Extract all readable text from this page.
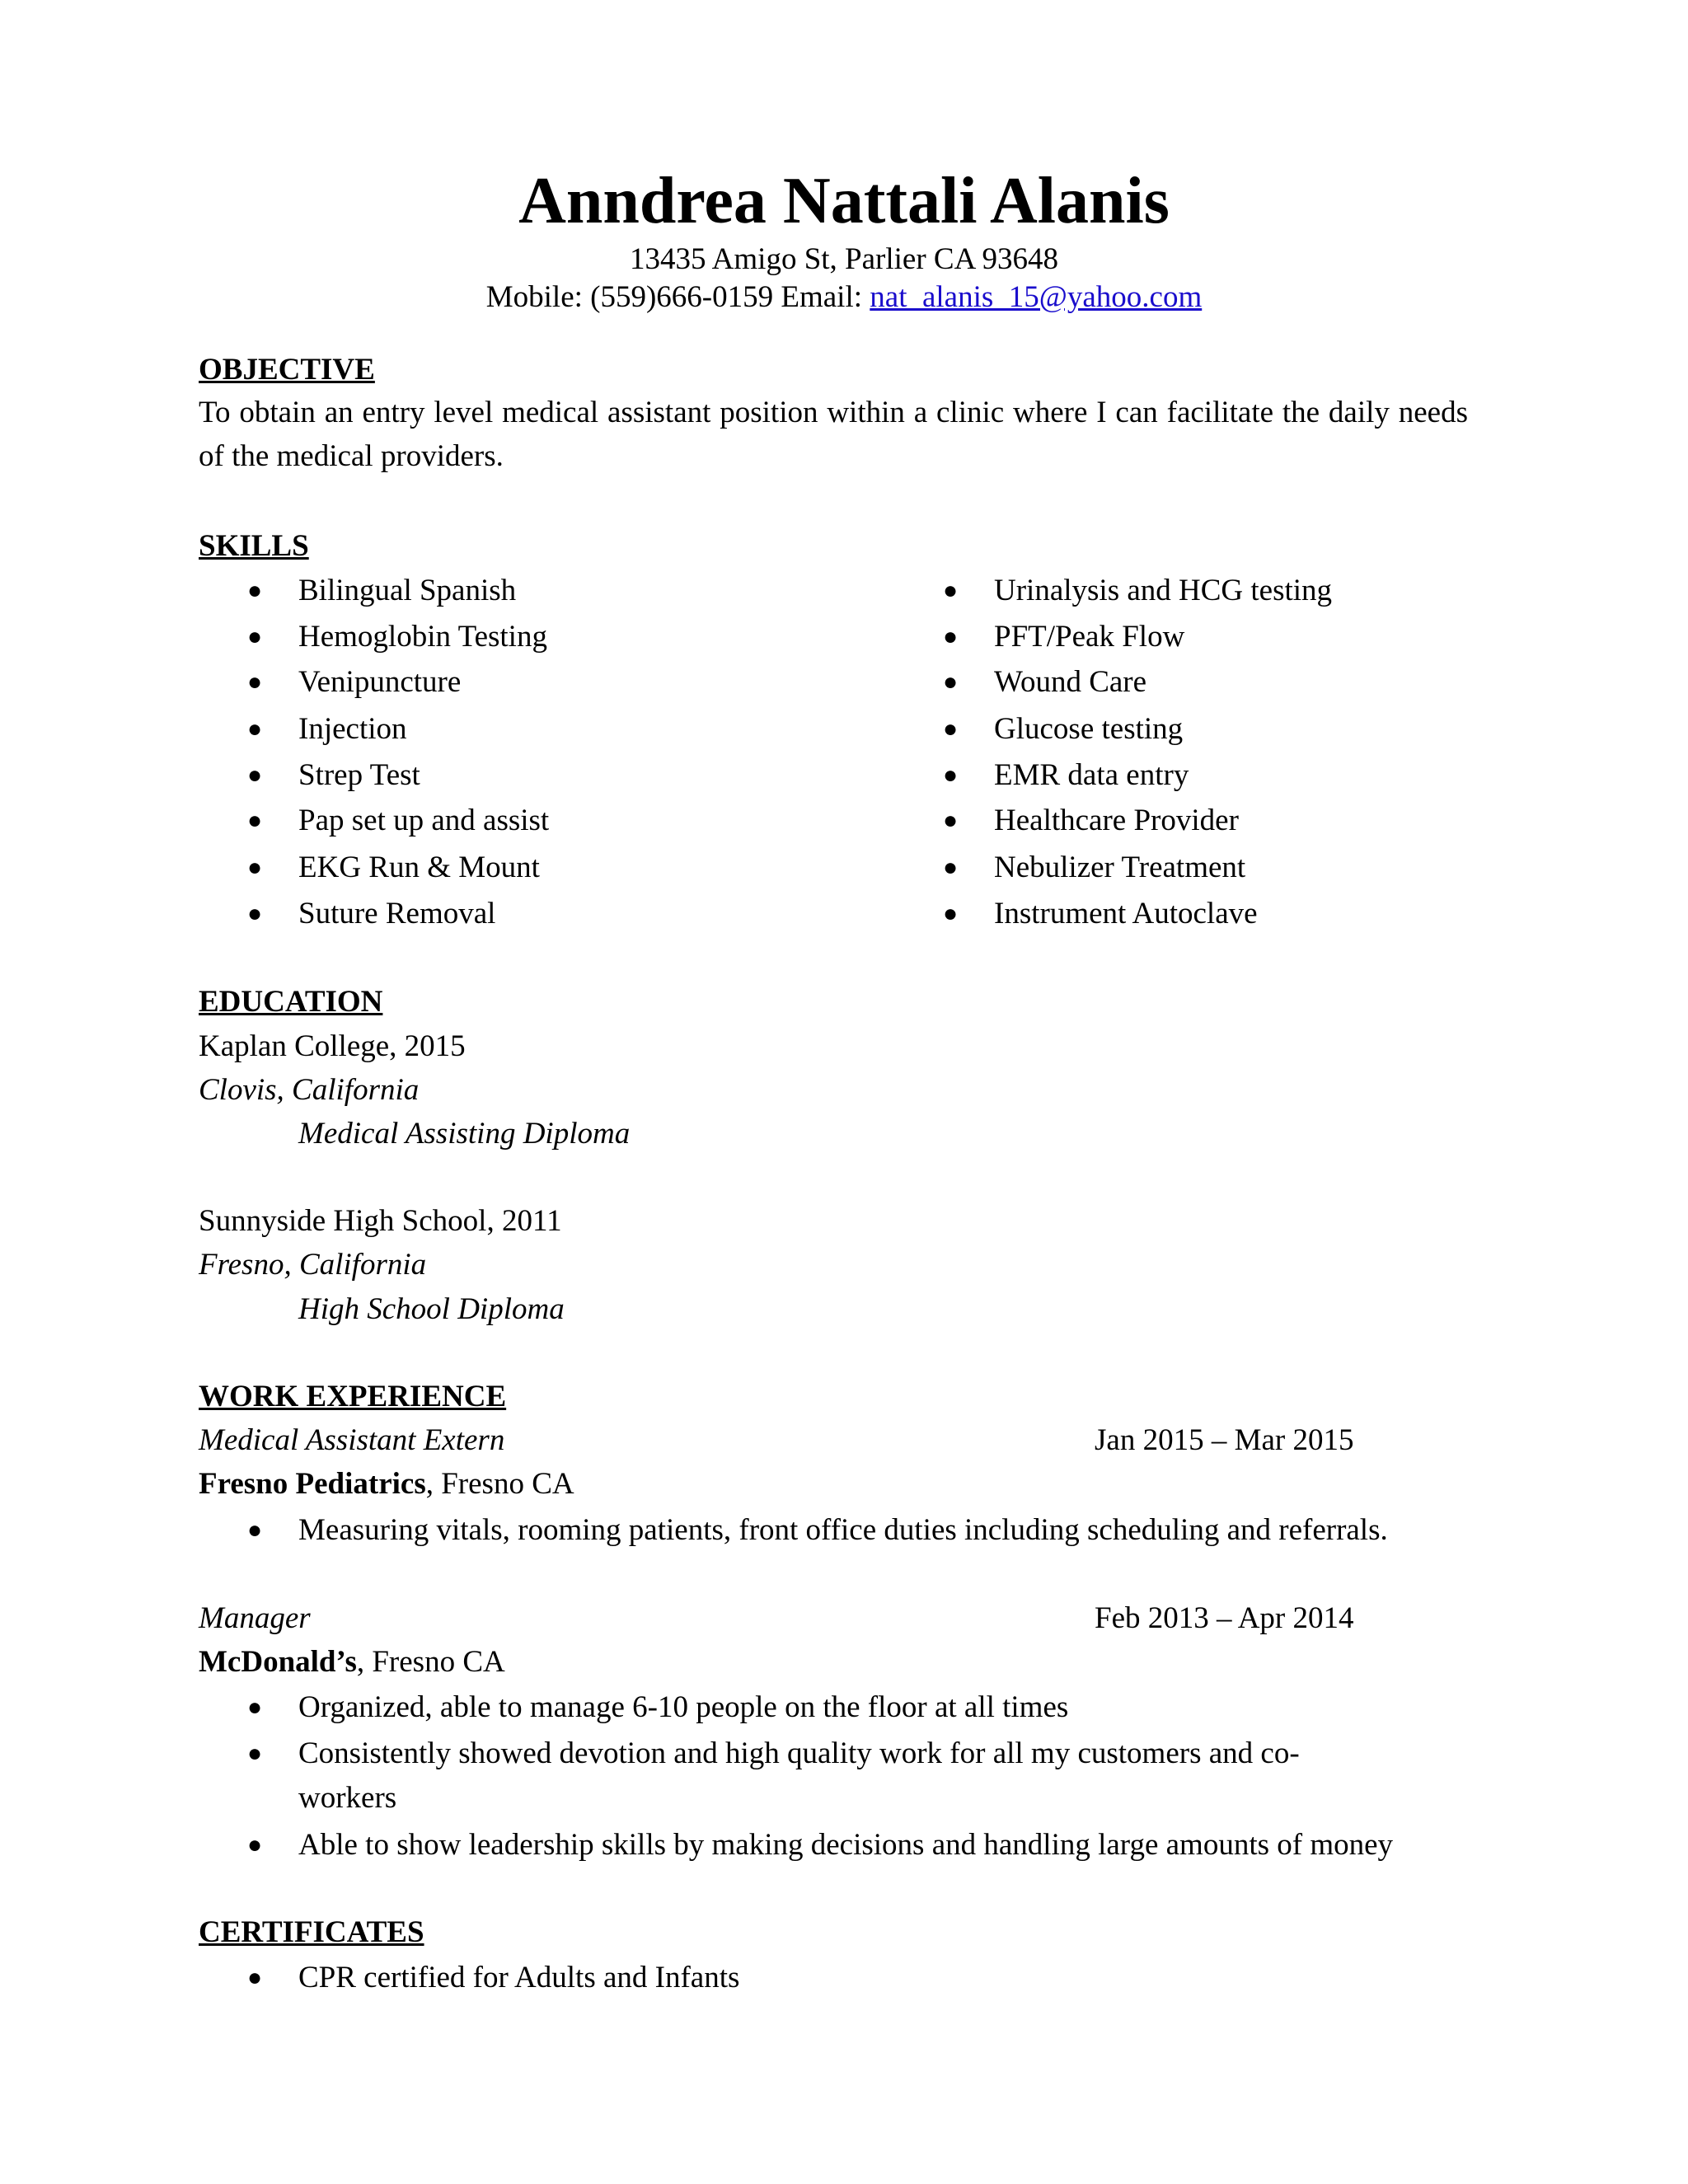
Anndrea Nattali Alanis
13435 Amigo St, Parlier CA 93648
Mobile: (559)666-0159 Email: nat_alanis_15@yahoo.com
OBJECTIVE
To obtain an entry level medical assistant position within a clinic where I can facilitate the daily needs of the medical providers.
SKILLS
● Bilingual Spanish
● Hemoglobin Testing
● Venipuncture
● Injection
● Strep Test
● Pap set up and assist
● EKG Run & Mount
● Suture Removal
● Urinalysis and HCG testing
● PFT/Peak Flow
● Wound Care
● Glucose testing
● EMR data entry
● Healthcare Provider
● Nebulizer Treatment
● Instrument Autoclave
EDUCATION
Kaplan College, 2015
Clovis, California
Medical Assisting Diploma
Sunnyside High School, 2011
Fresno, California
High School Diploma
WORK EXPERIENCE
Medical Assistant Extern	Jan 2015 – Mar 2015
Fresno Pediatrics, Fresno CA
● Measuring vitals, rooming patients, front office duties including scheduling and referrals.
Manager	Feb 2013 – Apr 2014
McDonald’s, Fresno CA
● Organized, able to manage 6-10 people on the floor at all times
● Consistently showed devotion and high quality work for all my customers and co-
workers
● Able to show leadership skills by making decisions and handling large amounts of money
CERTIFICATES
● CPR certified for Adults and Infants
